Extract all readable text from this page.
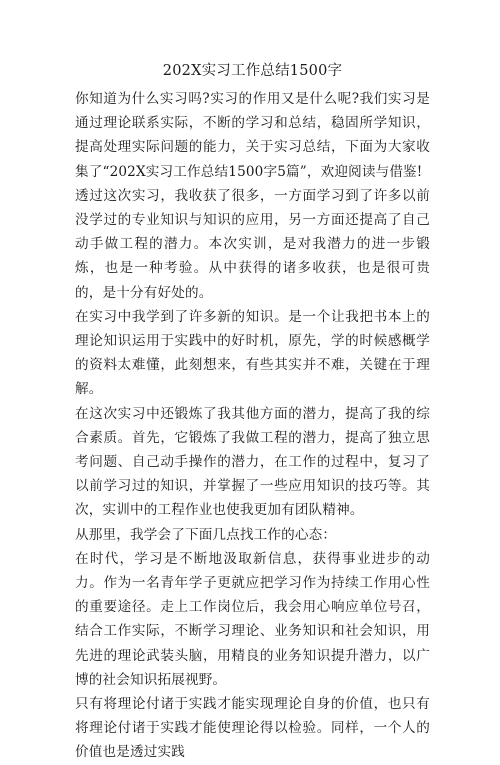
202X实习工作总结1500字

你知道为什么实习吗?实习的作用又是什么呢?我们实习是通过理论联系实际，不断的学习和总结，稳固所学知识，提高处理实际问题的能力，关于实习总结，下面为大家收集了“202X实习工作总结1500字5篇”，欢迎阅读与借鉴!

透过这次实习，我收获了很多，一方面学习到了许多以前没学过的专业知识与知识的应用，另一方面还提高了自己动手做工程的潜力。本次实训，是对我潜力的进一步锻炼，也是一种考验。从中获得的诸多收获，也是很可贵的，是十分有好处的。

在实习中我学到了许多新的知识。是一个让我把书本上的理论知识运用于实践中的好时机，原先，学的时候感概学的资料太难懂，此刻想来，有些其实并不难，关键在于理解。

在这次实习中还锻炼了我其他方面的潜力，提高了我的综合素质。首先，它锻炼了我做工程的潜力，提高了独立思考问题、自己动手操作的潜力，在工作的过程中，复习了以前学习过的知识，并掌握了一些应用知识的技巧等。其次，实训中的工程作业也使我更加有团队精神。

从那里，我学会了下面几点找工作的心态：

在时代，学习是不断地汲取新信息，获得事业进步的动力。作为一名青年学子更就应把学习作为持续工作用心性的重要途径。走上工作岗位后，我会用心响应单位号召，结合工作实际，不断学习理论、业务知识和社会知识，用先进的理论武装头脑，用精良的业务知识提升潜力，以广博的社会知识拓展视野。

只有将理论付诸于实践才能实现理论自身的价值，也只有将理论付诸于实践才能使理论得以检验。同样，一个人的价值也是透过实践
